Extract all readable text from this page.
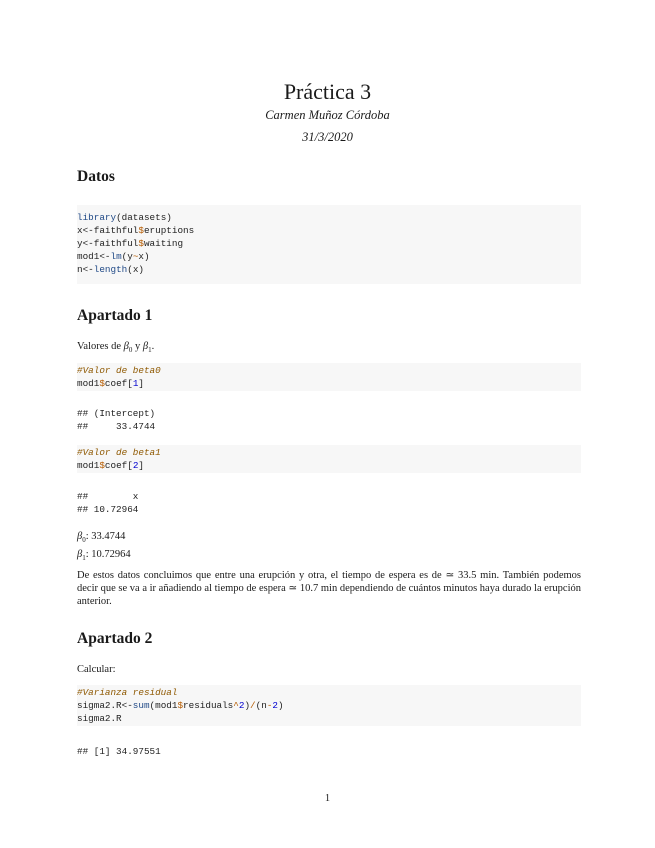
Práctica 3
Carmen Muñoz Córdoba
31/3/2020
Datos
library(datasets)
x<-faithful$eruptions
y<-faithful$waiting
mod1<-lm(y~x)
n<-length(x)
Apartado 1
Valores de $\beta_0$ y $\beta_1$.
#Valor de beta0
mod1$coef[1]
## (Intercept)
##     33.4744
#Valor de beta1
mod1$coef[2]
##        x
## 10.72964
$\beta_0$: 33.4744
$\beta_1$: 10.72964
De estos datos concluimos que entre una erupción y otra, el tiempo de espera es de ≃ 33.5 min. También podemos decir que se va a ir añadiendo al tiempo de espera ≃ 10.7 min dependiendo de cuántos minutos haya durado la erupción anterior.
Apartado 2
Calcular:
#Varianza residual
sigma2.R<-sum(mod1$residuals^2)/(n-2)
sigma2.R
## [1] 34.97551
1
